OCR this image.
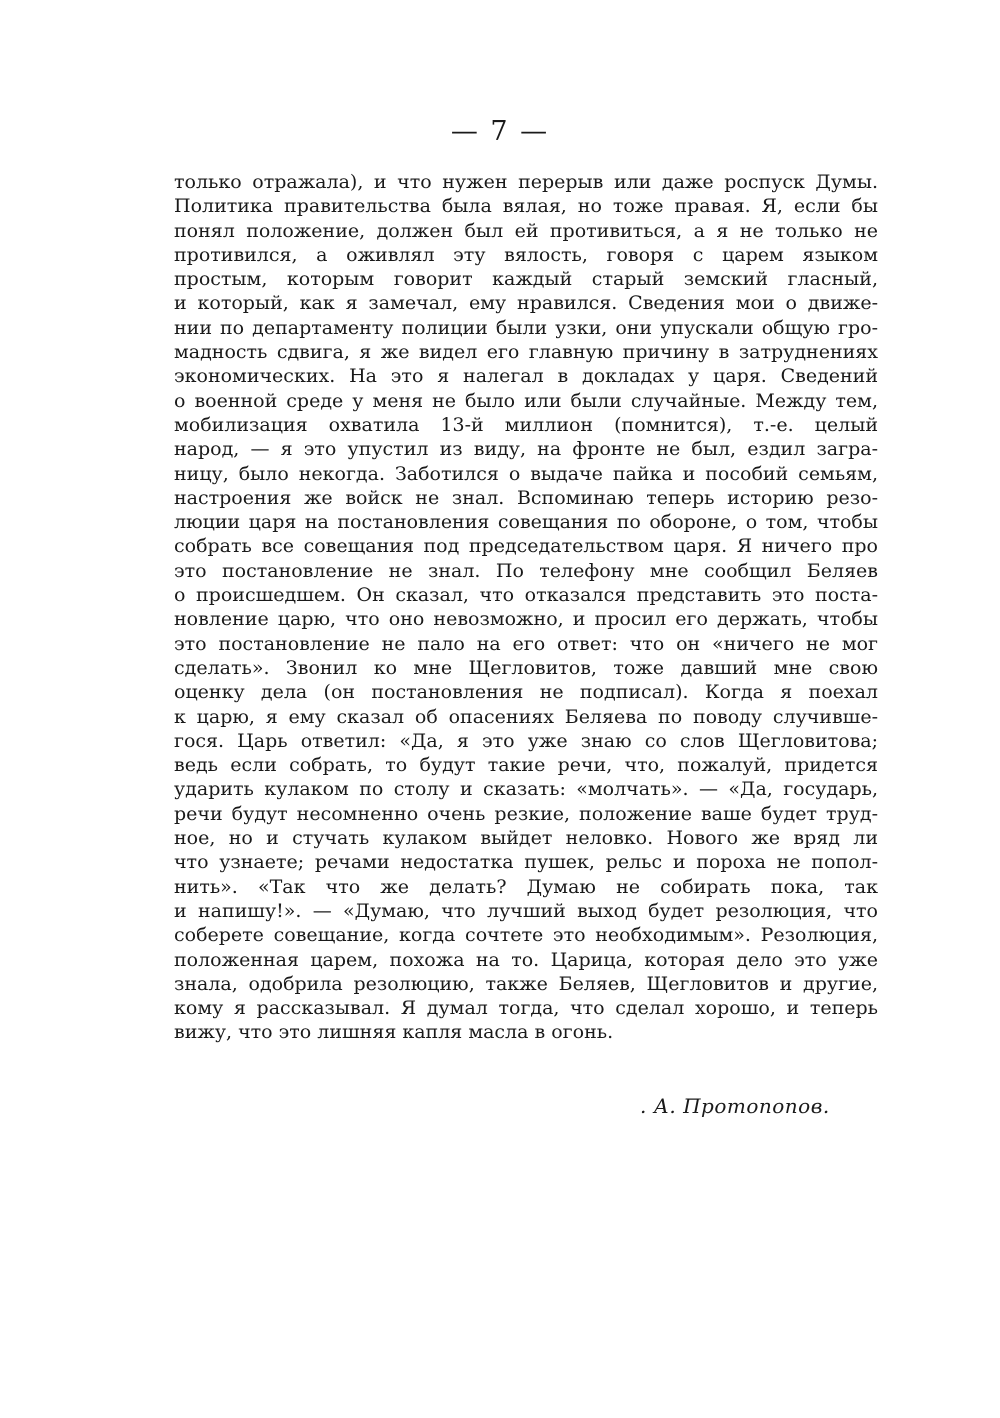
— 7 —
только отражала), и что нужен перерыв или даже роспуск Думы.
Политика правительства была вялая, но тоже правая. Я, если бы
понял положение, должен был ей противиться, а я не только не
противился, а оживлял эту вялость, говоря с царем языком
простым, которым говорит каждый старый земский гласный,
и который, как я замечал, ему нравился. Сведения мои о движе-
нии по департаменту полиции были узки, они упускали общую гро-
мадность сдвига, я же видел его главную причину в затруднениях
экономических. На это я налегал в докладах у царя. Сведений
о военной среде у меня не было или были случайные. Между тем,
мобилизация охватила 13-й миллион (помнится), т.-е. целый
народ, — я это упустил из виду, на фронте не был, ездил загра-
ницу, было некогда. Заботился о выдаче пайка и пособий семьям,
настроения же войск не знал. Вспоминаю теперь историю резо-
люции царя на постановления совещания по обороне, о том, чтобы
собрать все совещания под председательством царя. Я ничего про
это постановление не знал. По телефону мне сообщил Беляев
о происшедшем. Он сказал, что отказался представить это поста-
новление царю, что оно невозможно, и просил его держать, чтобы
это постановление не пало на его ответ: что он «ничего не мог
сделать». Звонил ко мне Щегловитов, тоже давший мне свою
оценку дела (он постановления не подписал). Когда я поехал
к царю, я ему сказал об опасениях Беляева по поводу случивше-
гося. Царь ответил: «Да, я это уже знаю со слов Щегловитова;
ведь если собрать, то будут такие речи, что, пожалуй, придется
ударить кулаком по столу и сказать: «молчать». — «Да, государь,
речи будут несомненно очень резкие, положение ваше будет труд-
ное, но и стучать кулаком выйдет неловко. Нового же вряд ли
что узнаете; речами недостатка пушек, рельс и пороха не попол-
нить». «Так что же делать? Думаю не собирать пока, так
и напишу!». — «Думаю, что лучший выход будет резолюция, что
соберете совещание, когда сочтете это необходимым». Резолюция,
положенная царем, похожа на то. Царица, которая дело это уже
знала, одобрила резолюцию, также Беляев, Щегловитов и другие,
кому я рассказывал. Я думал тогда, что сделал хорошо, и теперь
вижу, что это лишняя капля масла в огонь.
. А. Протопопов.
